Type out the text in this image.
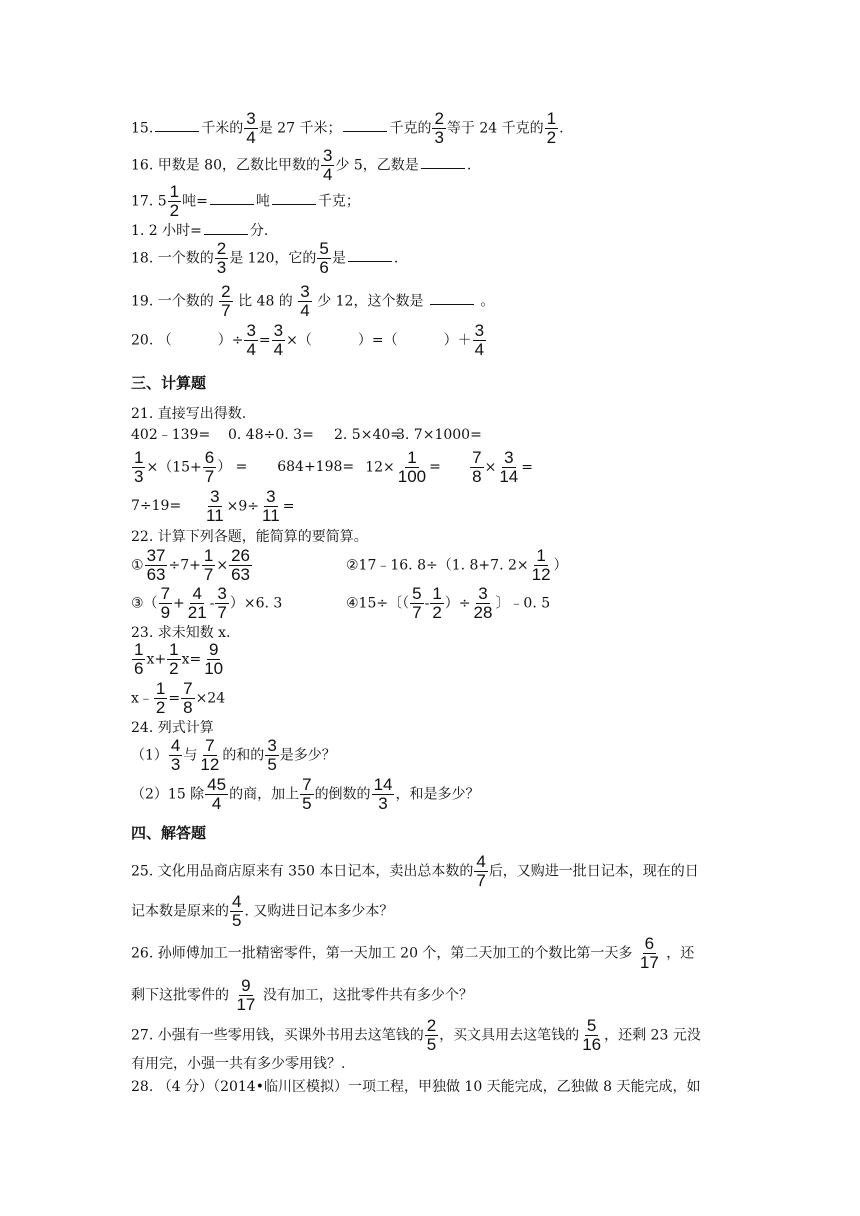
15.	千米的 $\frac{3}{4}$ 是 27 千米；	千克的 $\frac{2}{3}$ 等于 24 千克的 $\frac{1}{2}$ .
16. 甲数是 80，乙数比甲数的 $\frac{3}{4}$ 少 5，乙数是	.
17. $5 \frac{1}{2}$ 吨=	吨	千克；
1. 2 小时=	分.
18. 一个数的 $\frac{2}{3}$ 是 120，它的 $\frac{5}{6}$ 是	.
19. 一个数的 $\frac{2}{7}$ 比 48 的 $\frac{3}{4}$ 少 12，这个数是	。
20. （	）÷ $\frac{3}{4} = \frac{3}{4}$ ×（	）=（	）＋ $\frac{3}{4}$
三、计算题
21. 直接写出得数.
402﹣139= 0. 48÷0. 3= 2. 5×40=3. 7×1000=
$\frac{1}{3} \times(15+ \frac{6}{7}$ ） = $684+198= 12\times \frac{1}{100} = \frac{7}{8} \times \frac{3}{14}$ =
$7\div 19= \frac{3}{11} \times 9\div \frac{3}{11}$ =
22. 计算下列各题，能简算的要简算。
① $\frac{37}{63} \div 7+ \frac{1}{7} \times \frac{26}{63}$	②17﹣16. 8÷（1. 8+7. $2\times \frac{1}{12}$ ）
③（ $\frac{7}{9} + \frac{4}{21} - \frac{3}{7} )\times 6$. 3	④15÷〔（ $\frac{5}{7} - \frac{1}{2}$ ）÷ $\frac{3}{28}$ 〕﹣0. 5
23. 求未知数 x.
$\frac{1}{6} x+ \frac{1}{2} x= \frac{9}{10}$
x﹣ $\frac{1}{2} = \frac{7}{8} \times 24$
24. 列式计算
$(1) \frac{4}{3}$ 与 $\frac{7}{12}$ 的和的 $\frac{3}{5}$ 是多少？
（2）15 除 $\frac{45}{4}$ 的商，加上 $\frac{7}{5}$ 的倒数的 $\frac{14}{3}$ ，和是多少？
四、解答题
25. 文化用品商店原来有 350 本日记本，卖出总本数的 $\frac{4}{7}$ 后，又购进一批日记本，现在的日
记本数是原来的 $\frac{4}{5}$ . 又购进日记本多少本？
26. 孙师傅加工一批精密零件，第一天加工 20 个，第二天加工的个数比第一天多 $\frac{6}{17}$ ，还
剩下这批零件的 $\frac{9}{17}$ 没有加工，这批零件共有多少个？
27. 小强有一些零用钱，买课外书用去这笔钱的 $\frac{2}{5}$ ，买文具用去这笔钱的 $\frac{5}{16}$ ，还剩 23 元没
有用完，小强一共有多少零用钱？.
28. （4 分）（2014•临川区模拟）一项工程，甲独做 10 天能完成，乙独做 8 天能完成，如
